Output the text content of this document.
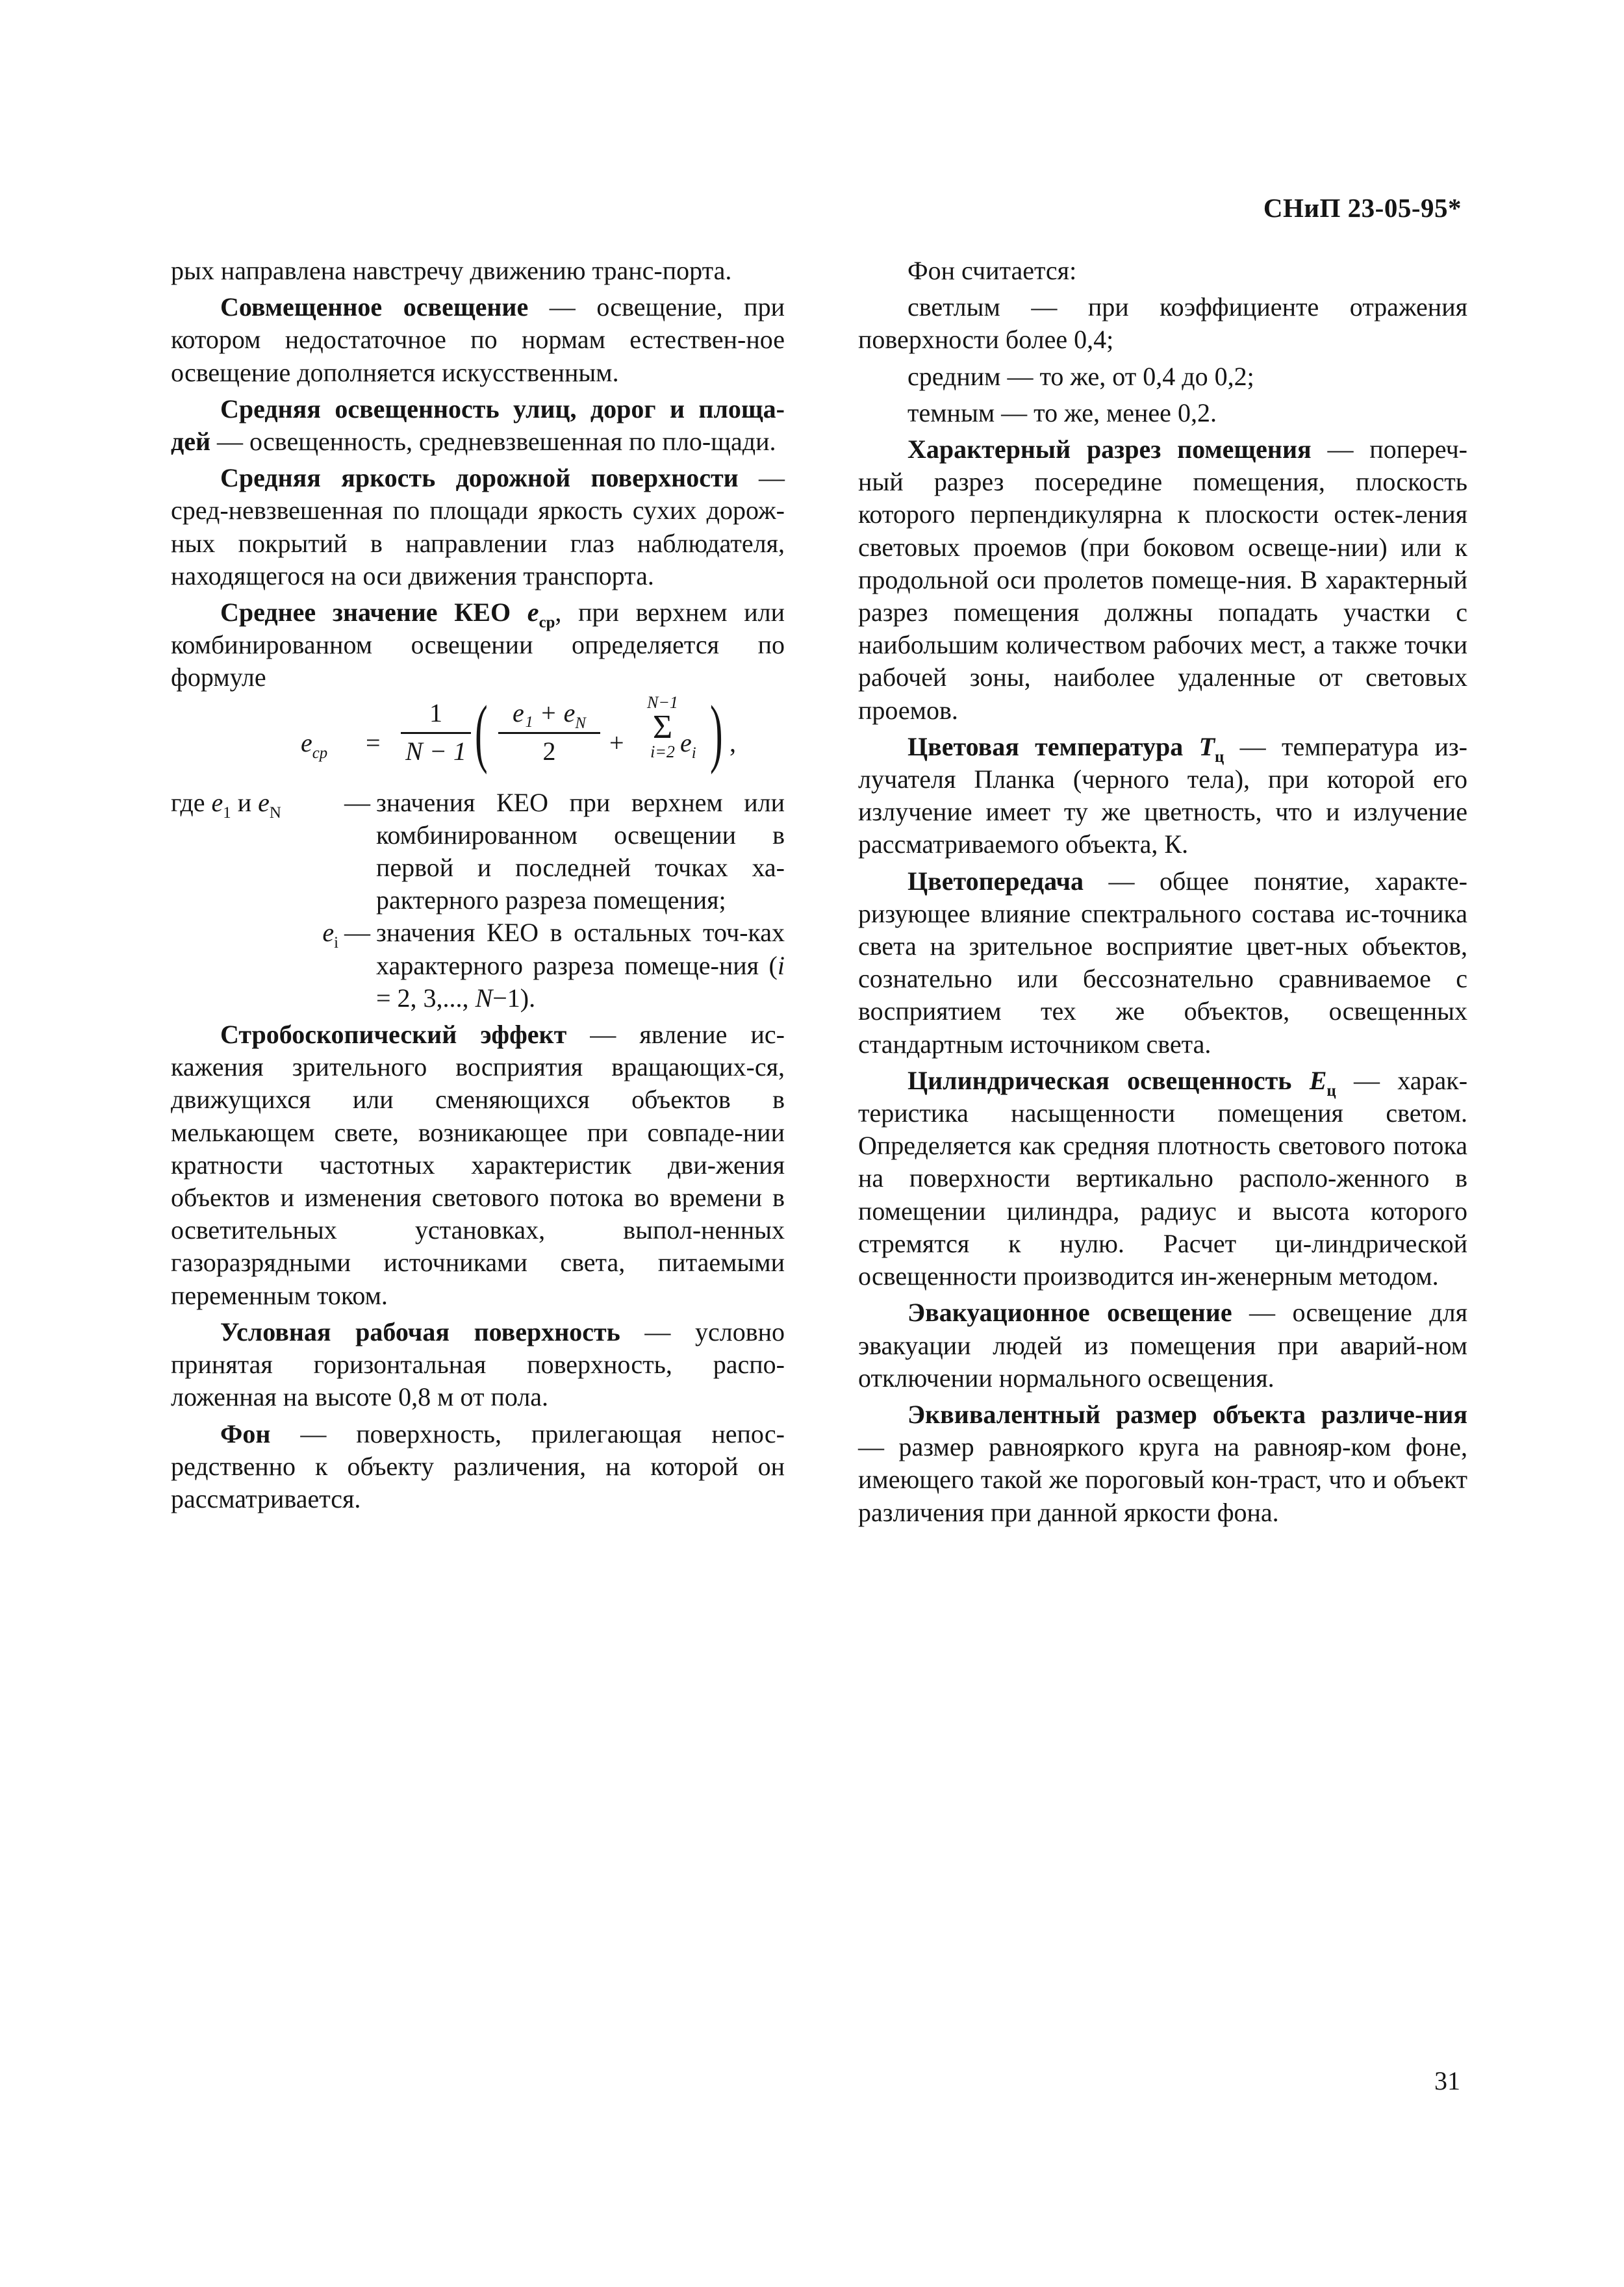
СНиП 23-05-95*

рых направлена навстречу движению транс-порта.

Совмещенное освещение — освещение, при котором недостаточное по нормам естествен-ное освещение дополняется искусственным.

Средняя освещенность улиц, дорог и площа-дей — освещенность, средневзвешенная по пло-щади.

Средняя яркость дорожной поверхности — сред-невзвешенная по площади яркость сухих дорож-ных покрытий в направлении глаз наблюдателя, находящегося на оси движения транспорта.

Среднее значение КЕО $e_{ср}$, при верхнем или комбинированном освещении определяется по формуле

$e_{ср}$ =
1
N − 1 ( $e_1 + e_N$
2	+
N−1
Σ
i=2 $e_i$ ) ,
где $e_1$ и $e_N$	— значения КЕО при верхнем или комбинированном освещении в первой и последней точках ха-рактерного разреза помещения;
$e_i$ — значения КЕО в остальных точ-ках характерного разреза помеще-ния (i = 2, 3,..., N−1).

Стробоскопический эффект — явление ис-кажения зрительного восприятия вращающих-ся, движущихся или сменяющихся объектов в мелькающем свете, возникающее при совпаде-нии кратности частотных характеристик дви-жения объектов и изменения светового потока во времени в осветительных установках, выпол-ненных газоразрядными источниками света, питаемыми переменным током.

Условная рабочая поверхность — условно принятая горизонтальная поверхность, распо-ложенная на высоте 0,8 м от пола.

Фон — поверхность, прилегающая непос-редственно к объекту различения, на которой он рассматривается.

Фон считается:

светлым — при коэффициенте отражения поверхности более 0,4;

средним — то же, от 0,4 до 0,2;

темным — то же, менее 0,2.

Характерный разрез помещения — попереч-ный разрез посередине помещения, плоскость которого перпендикулярна к плоскости остек-ления световых проемов (при боковом освеще-нии) или к продольной оси пролетов помеще-ния. В характерный разрез помещения должны попадать участки с наибольшим количеством рабочих мест, а также точки рабочей зоны, наиболее удаленные от световых проемов.

Цветовая температура $T_ц$ — температура из-лучателя Планка (черного тела), при которой его излучение имеет ту же цветность, что и излучение рассматриваемого объекта, К.

Цветопередача — общее понятие, характе-ризующее влияние спектрального состава ис-точника света на зрительное восприятие цвет-ных объектов, сознательно или бессознательно сравниваемое с восприятием тех же объектов, освещенных стандартным источником света.

Цилиндрическая освещенность $E_ц$ — харак-теристика насыщенности помещения светом. Определяется как средняя плотность светового потока на поверхности вертикально располо-женного в помещении цилиндра, радиус и высота которого стремятся к нулю. Расчет ци-линдрической освещенности производится ин-женерным методом.

Эвакуационное освещение — освещение для эвакуации людей из помещения при аварий-ном отключении нормального освещения.

Эквивалентный размер объекта различе-ния — размер равнояркого круга на равнояр-ком фоне, имеющего такой же пороговый кон-траст, что и объект различения при данной яркости фона.

31
